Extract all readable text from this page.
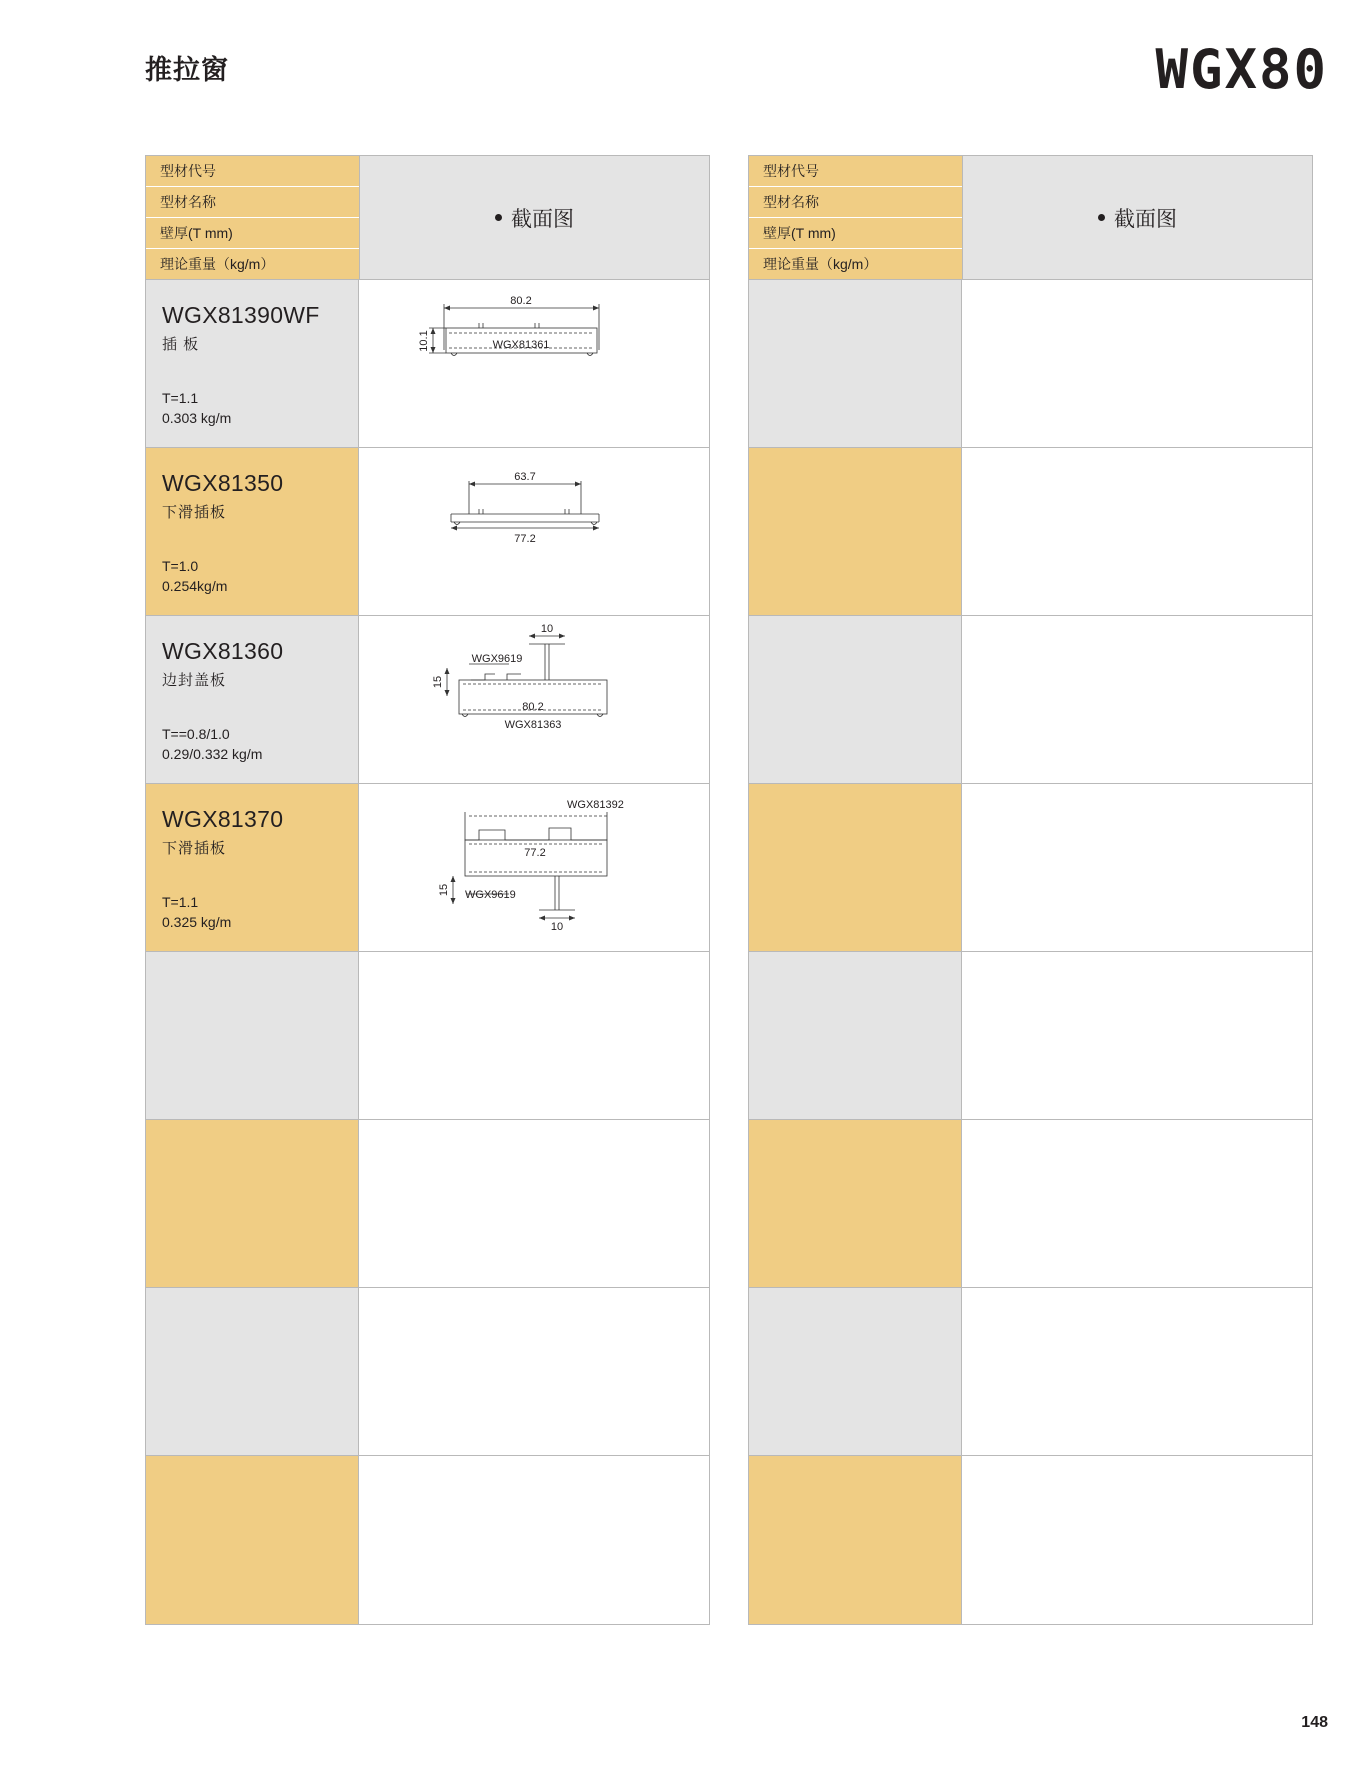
推拉窗	WGX80
型材代号
型材名称
壁厚(T mm)
理论重量（kg/m）
截面图
WGX81390WF
插 板
T=1.1
0.303 kg/m
80.2
10.1	WGX81361
WGX81350
下滑插板
T=1.0
0.254kg/m
63.7
77.2
WGX81360
边封盖板
T==0.8/1.0
0.29/0.332 kg/m
10
WGX9619
15
80.2
WGX81363
WGX81370
下滑插板
T=1.1
0.325 kg/m
WGX81392
77.2
15 WGX9619
10
型材代号
型材名称
壁厚(T mm)
理论重量（kg/m）
截面图
148
